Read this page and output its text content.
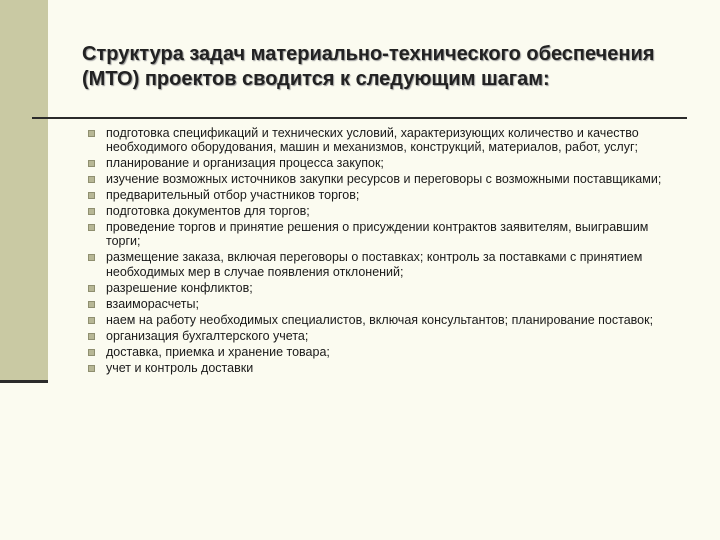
Структура задач материально-технического обеспечения
(МТО) проектов сводится к следующим шагам:
подготовка спецификаций и технических условий, характеризующих количество и качество необходимого оборудования, машин и механизмов, конструкций, материалов, работ, услуг;
планирование и организация процесса закупок;
изучение возможных источников закупки ресурсов и переговоры с возможными поставщиками;
предварительный отбор участников торгов;
подготовка документов для торгов;
проведение торгов и принятие решения о присуждении контрактов заявителям, выигравшим торги;
размещение заказа, включая переговоры о поставках; контроль за поставками с принятием необходимых мер в случае появления отклонений;
разрешение конфликтов;
взаиморасчеты;
наем на работу необходимых специалистов, включая консультантов; планирование поставок;
организация бухгалтерского учета;
доставка, приемка и хранение товара;
учет и контроль доставки
